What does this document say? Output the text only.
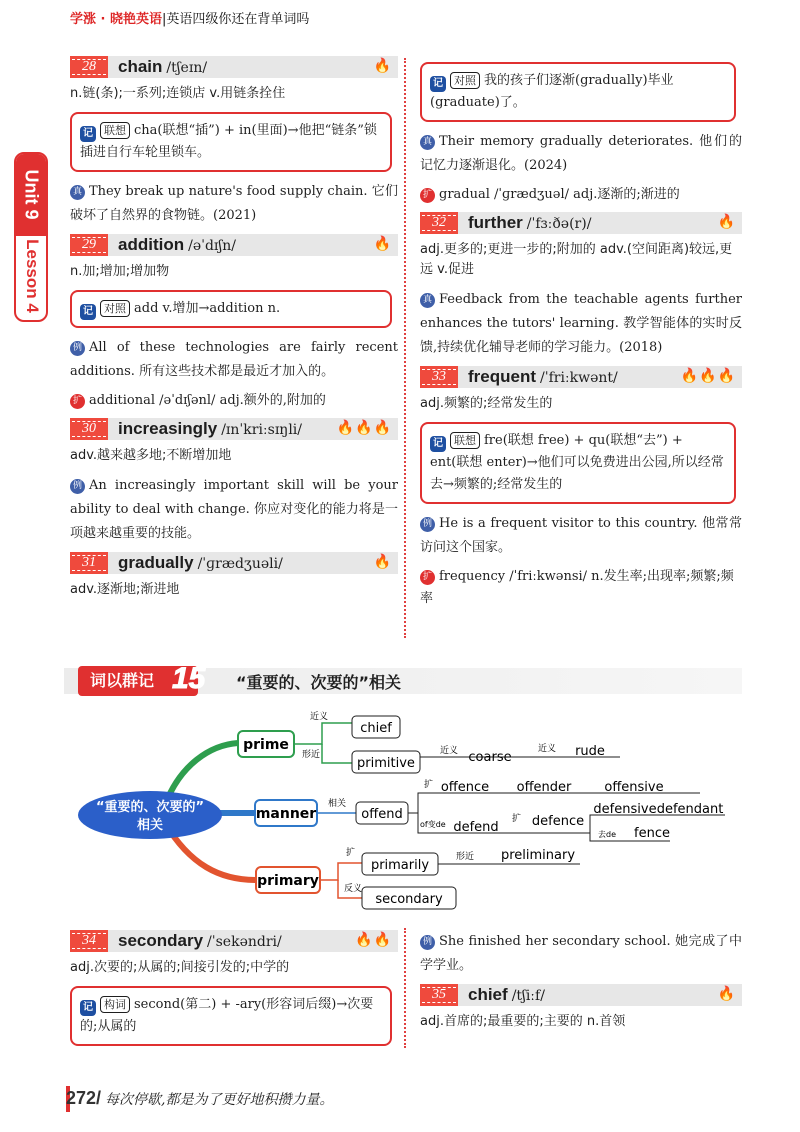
学涨 · 晓艳英语|英语四级你还在背单词吗
Unit 9
Lesson 4
28	chain /tʃeɪn/	🔥
n.链(条);一系列;连锁店 v.用链条拴住
记 联想 cha(联想“插”) + in(里面)→他把“链条”锁插进自行车轮里锁车。
真 They break up nature's food supply chain. 它们破坏了自然界的食物链。(2021)
29	addition /əˈdɪʃn/	🔥
n.加;增加;增加物
记 对照 add v.增加→addition n.
例 All of these technologies are fairly recent additions. 所有这些技术都是最近才加入的。
扩 additional /əˈdɪʃənl/ adj.额外的,附加的
30	increasingly /ɪnˈkriːsɪŋli/ 🔥🔥🔥
adv.越来越多地;不断增加地
例 An increasingly important skill will be your ability to deal with change. 你应对变化的能力将是一项越来越重要的技能。
31	gradually /ˈɡrædʒuəli/	🔥
adv.逐渐地;渐进地
记 对照 我的孩子们逐渐(gradually)毕业(graduate)了。
真 Their memory gradually deteriorates. 他们的记忆力逐渐退化。(2024)
扩 gradual /ˈɡrædʒuəl/ adj.逐渐的;渐进的
32	further /ˈfɜːðə(r)/	🔥
adj.更多的;更进一步的;附加的 adv.(空间距离)较远,更远 v.促进
真 Feedback from the teachable agents further enhances the tutors' learning. 教学智能体的实时反馈,持续优化辅导老师的学习能力。(2018)
33	frequent /ˈfriːkwənt/	🔥🔥🔥
adj.频繁的;经常发生的
记 联想 fre(联想 free) + qu(联想“去”) + ent(联想 enter)→他们可以免费进出公园,所以经常去→频繁的;经常发生的
例 He is a frequent visitor to this country. 他常常访问这个国家。
扩 frequency /ˈfriːkwənsi/ n.发生率;出现率;频繁;频率
词以群记 15 “重要的、次要的”相关
“重要的、次要的”
相关
prime
近义
形近
chief
primitive
近义 coarse
近义 rude
manner
相关
offend
扩 offence offender	offensive
of变de defend
扩 defence
defensive defendant
去de fence
primary
扩
反义
primarily
形近 preliminary
secondary
34	secondary /ˈsekəndri/	🔥🔥
adj.次要的;从属的;间接引发的;中学的
记 构词 second(第二) + -ary(形容词后缀)→次要的;从属的
例 She finished her secondary school. 她完成了中学学业。
35	chief /tʃiːf/	🔥
adj.首席的;最重要的;主要的 n.首领
272/ 每次停歇,都是为了更好地积攒力量。
